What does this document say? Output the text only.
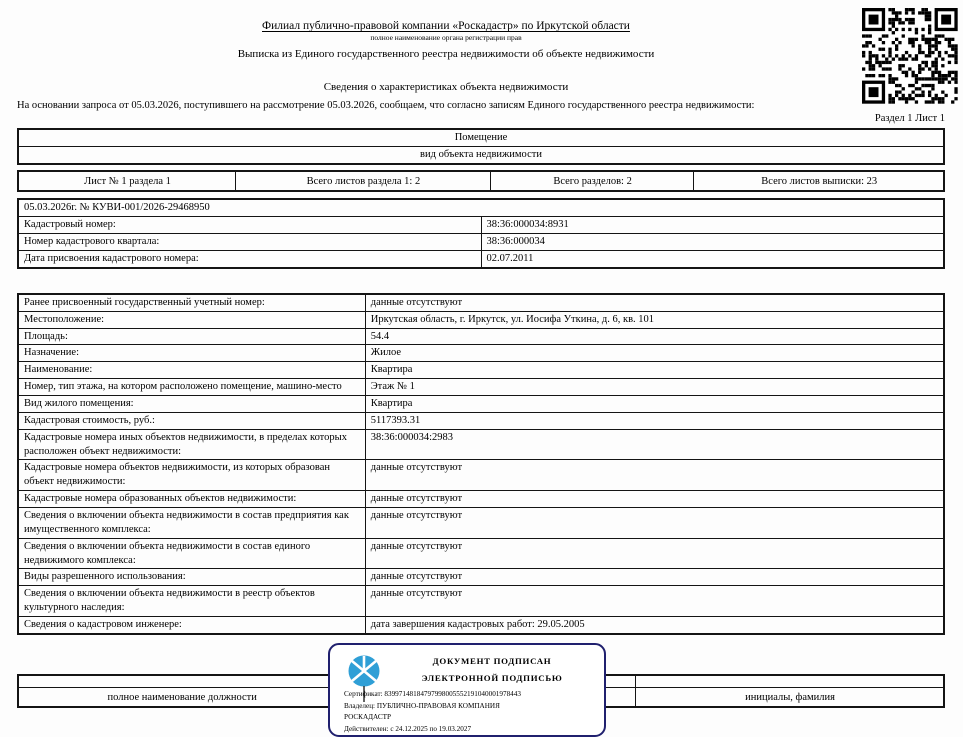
Филиал публично-правовой компании «Роскадастр» по Иркутской области
полное наименование органа регистрации прав
Выписка из Единого государственного реестра недвижимости об объекте недвижимости
Сведения о характеристиках объекта недвижимости
На основании запроса от 05.03.2026, поступившего на рассмотрение 05.03.2026, сообщаем, что согласно записям Единого государственного реестра недвижимости:
Раздел 1 Лист 1
Помещение
вид объекта недвижимости
Лист № 1 раздела 1	Всего листов раздела 1: 2	Всего разделов: 2	Всего листов выписки: 23
05.03.2026г. № КУВИ-001/2026-29468950	
Кадастровый номер:	38:36:000034:8931
Номер кадастрового квартала:	38:36:000034
Дата присвоения кадастрового номера:	02.07.2011
Ранее присвоенный государственный учетный номер:	данные отсутствуют
Местоположение:	Иркутская область, г. Иркутск, ул. Иосифа Уткина, д. 6, кв. 101
Площадь:	54.4
Назначение:	Жилое
Наименование:	Квартира
Номер, тип этажа, на котором расположено помещение, машино-место	Этаж № 1
Вид жилого помещения:	Квартира
Кадастровая стоимость, руб.:	5117393.31
Кадастровые номера иных объектов недвижимости, в пределах которых расположен объект недвижимости:	38:36:000034:2983
Кадастровые номера объектов недвижимости, из которых образован объект недвижимости:	данные отсутствуют
Кадастровые номера образованных объектов недвижимости:	данные отсутствуют
Сведения о включении объекта недвижимости в состав предприятия как имущественного комплекса:	данные отсутствуют
Сведения о включении объекта недвижимости в состав единого недвижимого комплекса:	данные отсутствуют
Виды разрешенного использования:	данные отсутствуют
Сведения о включении объекта недвижимости в реестр объектов культурного наследия:	данные отсутствуют
Сведения о кадастровом инженере:	дата завершения кадастровых работ: 29.05.2005

полное наименование должности		инициалы, фамилия
ДОКУМЕНТ ПОДПИСАН
ЭЛЕКТРОННОЙ ПОДПИСЬЮ
Сертификат: 83997148184797998005552191040001978443
Владелец: ПУБЛИЧНО-ПРАВОВАЯ КОМПАНИЯ
РОСКАДАСТР
Действителен: с 24.12.2025 по 19.03.2027
